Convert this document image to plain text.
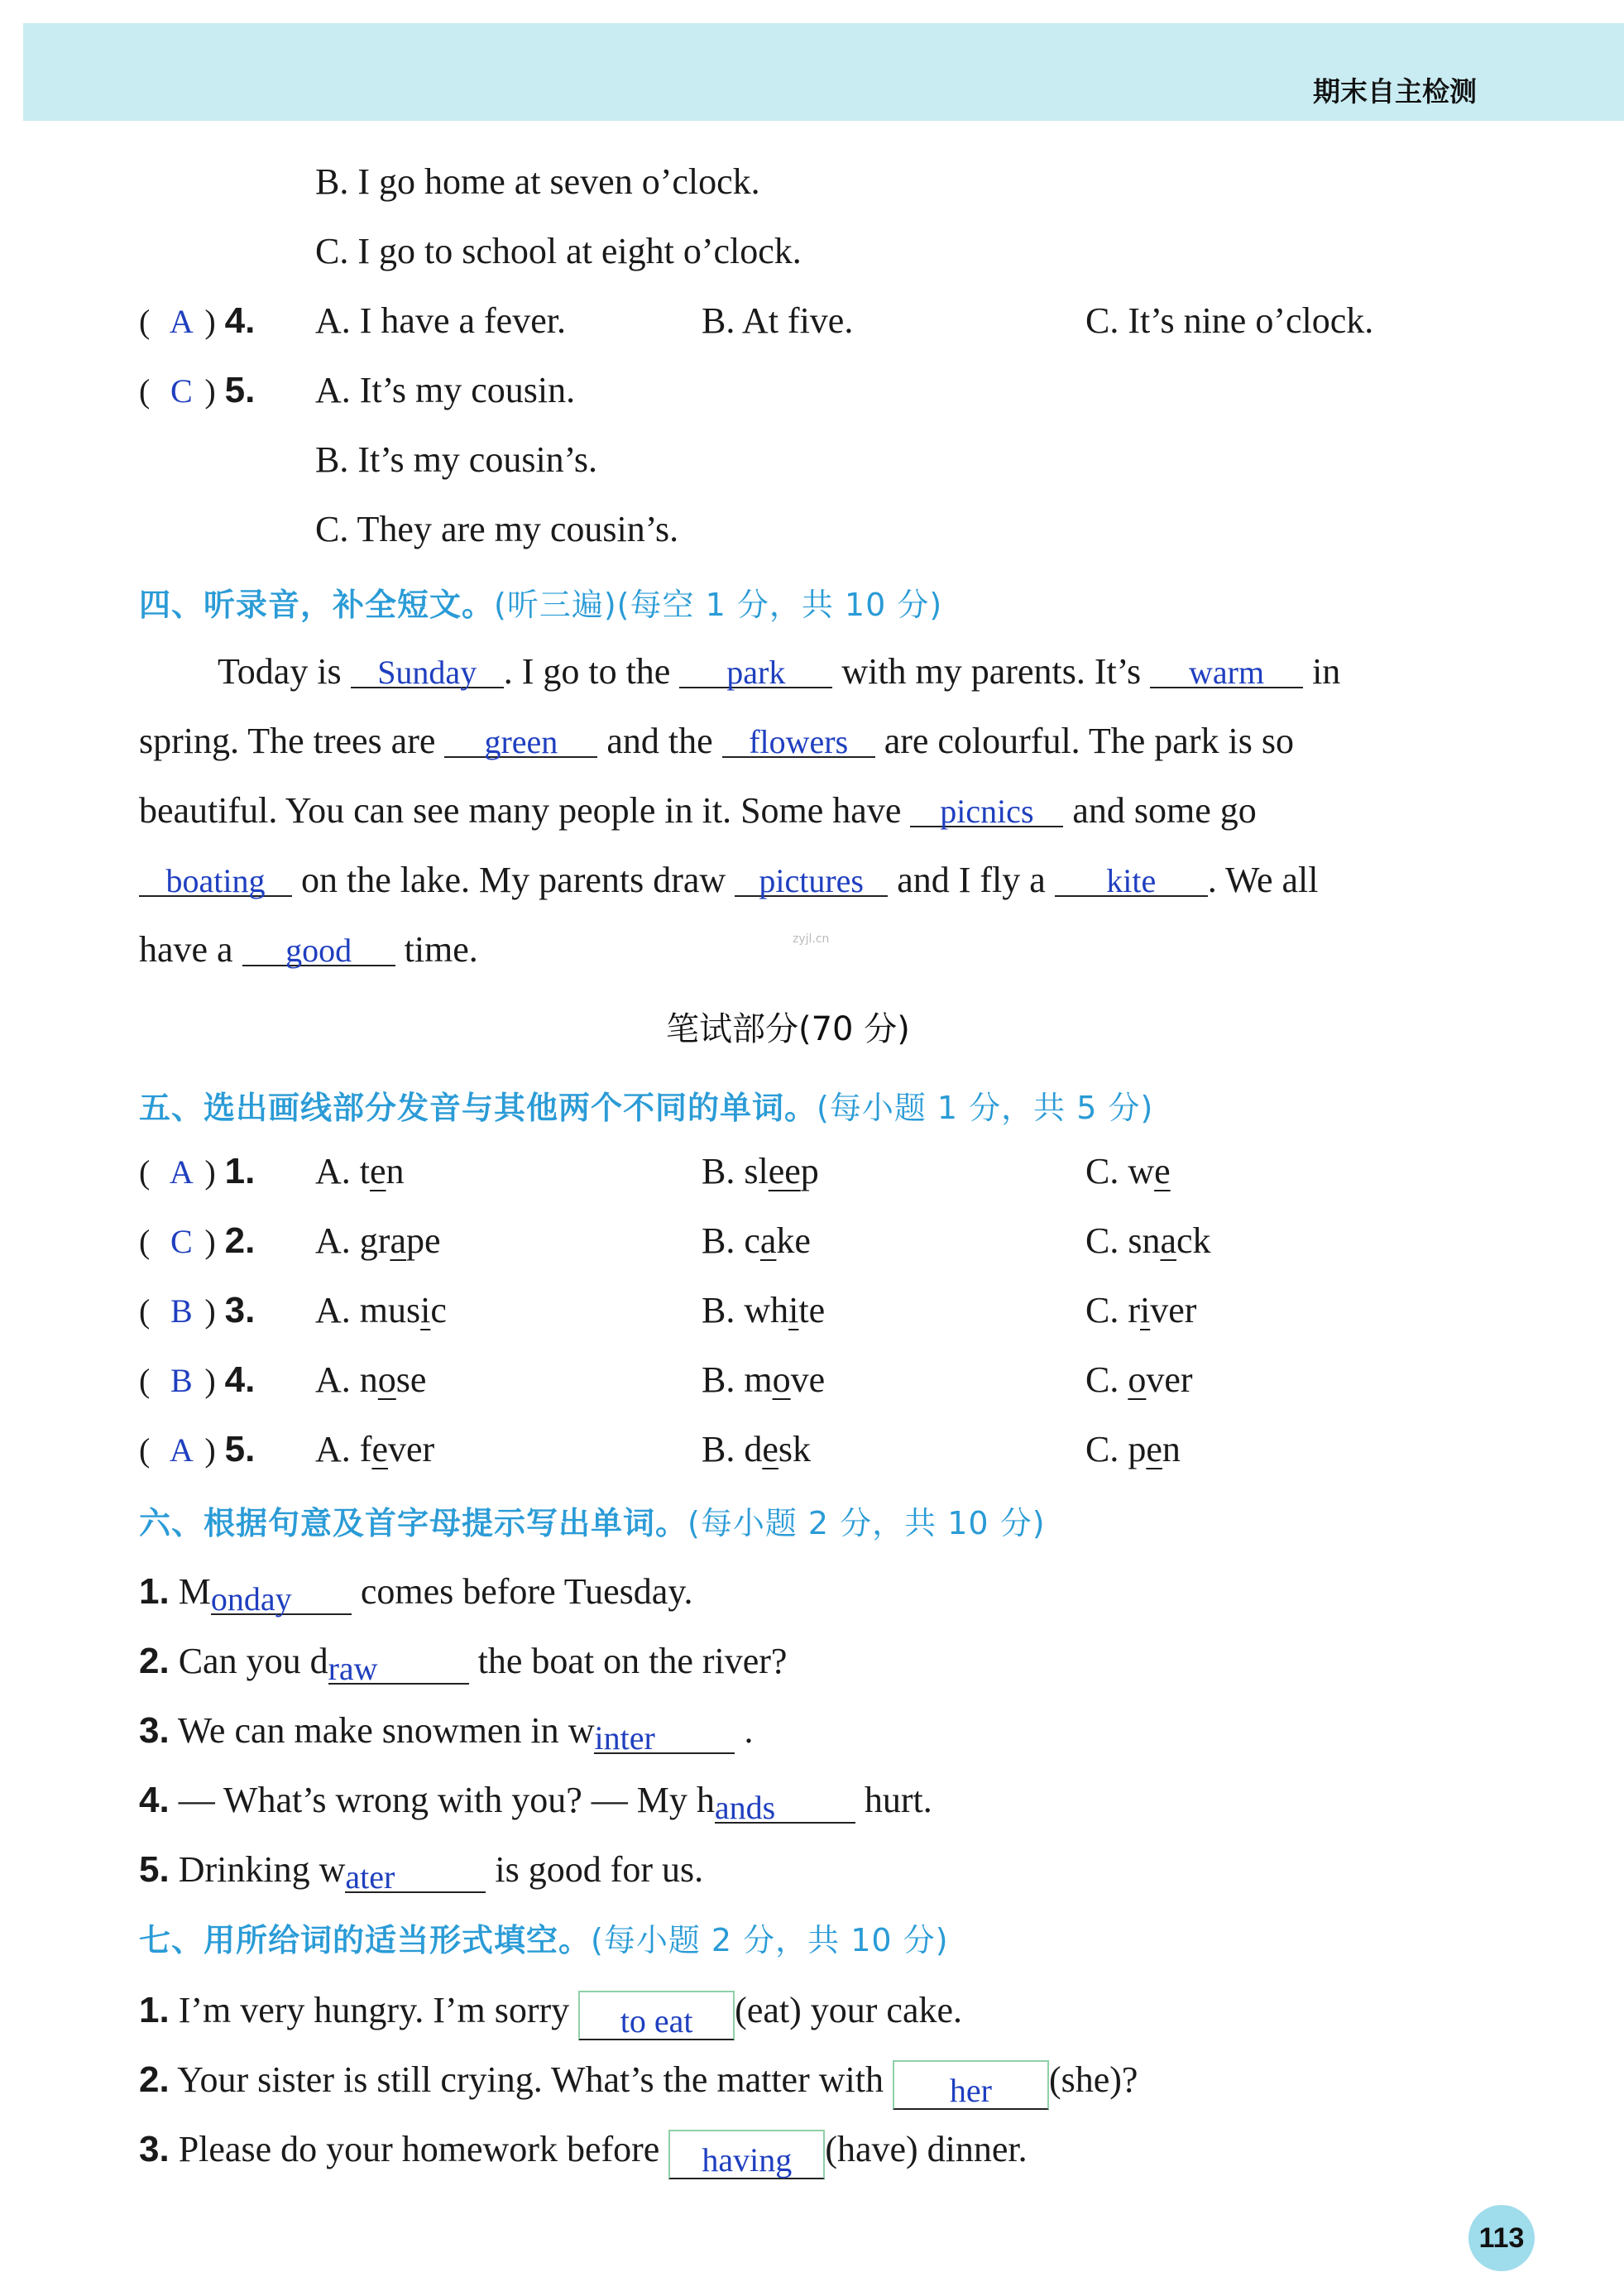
期末自主检测
B. I go home at seven o’clock.
C. I go to school at eight o’clock.
( A ) 4. A. I have a fever.	B. At five.	C. It’s nine o’clock.
( C ) 5. A. It’s my cousin.
B. It’s my cousin’s.
C. They are my cousin’s.
四、听录音，补全短文。(听三遍)(每空 1 分，共 10 分)
Today is Sunday . I go to the park with my parents. It’s warm in
spring. The trees are green and the flowers are colourful. The park is so
beautiful. You can see many people in it. Some have picnics and some go
boating on the lake. My parents draw pictures and I fly a kite . We all
have a good time.	zyjl.cn
笔试部分(70 分)
五、选出画线部分发音与其他两个不同的单词。(每小题 1 分，共 5 分)
( A ) 1. A. ten	B. sleep	C. we
( C ) 2. A. grape	B. cake	C. snack
( B ) 3. A. music	B. white	C. river
( B ) 4. A. nose	B. move	C. over
( A ) 5. A. fever	B. desk	C. pen
六、根据句意及首字母提示写出单词。(每小题 2 分，共 10 分)
1. Monday comes before Tuesday.
2. Can you draw	the boat on the river?
3. We can make snowmen in winter .
4. — What’s wrong with you? — My hands hurt.
5. Drinking water	is good for us.
七、用所给词的适当形式填空。(每小题 2 分，共 10 分)
1. I’m very hungry. I’m sorry to eat (eat) your cake.
2. Your sister is still crying. What’s the matter with her (she)?
3. Please do your homework before having (have) dinner.
113
